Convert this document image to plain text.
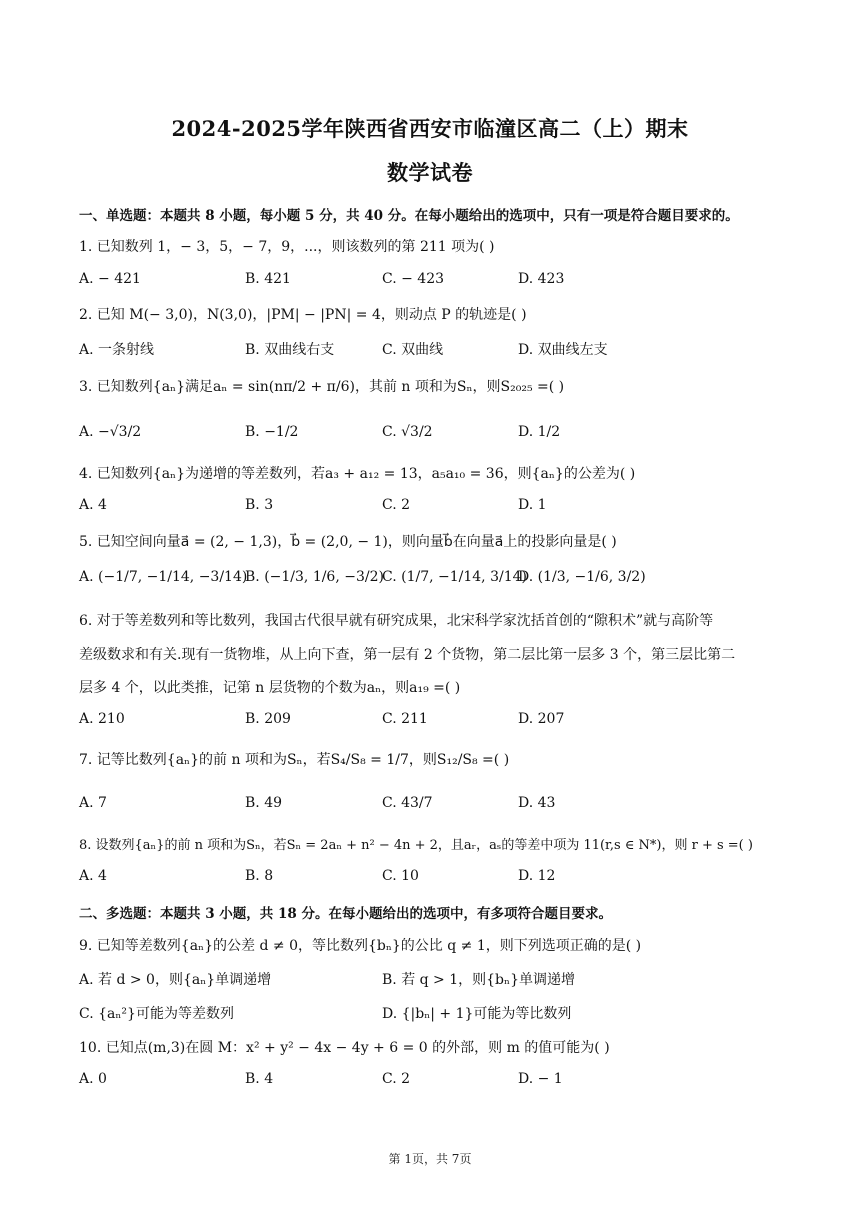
2024-2025学年陕西省西安市临潼区高二（上）期末
数学试卷
一、单选题：本题共 8 小题，每小题 5 分，共 40 分。在每小题给出的选项中，只有一项是符合题目要求的。
1. 已知数列 1，− 3，5，− 7，9，...，则该数列的第 211 项为( )
A. − 421	B. 421	C. − 423	D. 423
2. 已知 M(− 3,0)，N(3,0)，|PM| − |PN| = 4，则动点 P 的轨迹是( )
A. 一条射线	B. 双曲线右支	C. 双曲线	D. 双曲线左支
3. 已知数列{aₙ}满足aₙ = sin(nπ/2 + π/6)，其前 n 项和为Sₙ，则S₂₀₂₅ =( )
A. −√3/2	B. −1/2	C. √3/2	D. 1/2
4. 已知数列{aₙ}为递增的等差数列，若a₃ + a₁₂ = 13，a₅a₁₀ = 36，则{aₙ}的公差为( )
A. 4	B. 3	C. 2	D. 1
5. 已知空间向量a⃗ = (2, − 1,3)，b⃗ = (2,0, − 1)，则向量b⃗在向量a⃗上的投影向量是( )
A. (−1/7, −1/14, −3/14)
B. (−1/3, 1/6, −3/2)
C. (1/7, −1/14, 3/14)
D. (1/3, −1/6, 3/2)
6. 对于等差数列和等比数列，我国古代很早就有研究成果，北宋科学家沈括首创的“隙积术”就与高阶等
差级数求和有关.现有一货物堆，从上向下查，第一层有 2 个货物，第二层比第一层多 3 个，第三层比第二
层多 4 个，以此类推，记第 n 层货物的个数为aₙ，则a₁₉ =( )
A. 210	B. 209	C. 211	D. 207
7. 记等比数列{aₙ}的前 n 项和为Sₙ，若S₄/S₈ = 1/7，则S₁₂/S₈ =( )
A. 7	B. 49	C. 43/7	D. 43
8. 设数列{aₙ}的前 n 项和为Sₙ，若Sₙ = 2aₙ + n² − 4n + 2，且aᵣ，aₛ的等差中项为 11(r,s ∈ N*)，则 r + s =( )
A. 4	B. 8	C. 10	D. 12
二、多选题：本题共 3 小题，共 18 分。在每小题给出的选项中，有多项符合题目要求。
9. 已知等差数列{aₙ}的公差 d ≠ 0，等比数列{bₙ}的公比 q ≠ 1，则下列选项正确的是( )
A. 若 d > 0，则{aₙ}单调递增	B. 若 q > 1，则{bₙ}单调递增
C. {aₙ²}可能为等差数列	D. {|bₙ| + 1}可能为等比数列
10. 已知点(m,3)在圆 M：x² + y² − 4x − 4y + 6 = 0 的外部，则 m 的值可能为( )
A. 0	B. 4	C. 2	D. − 1
第 1页，共 7页
